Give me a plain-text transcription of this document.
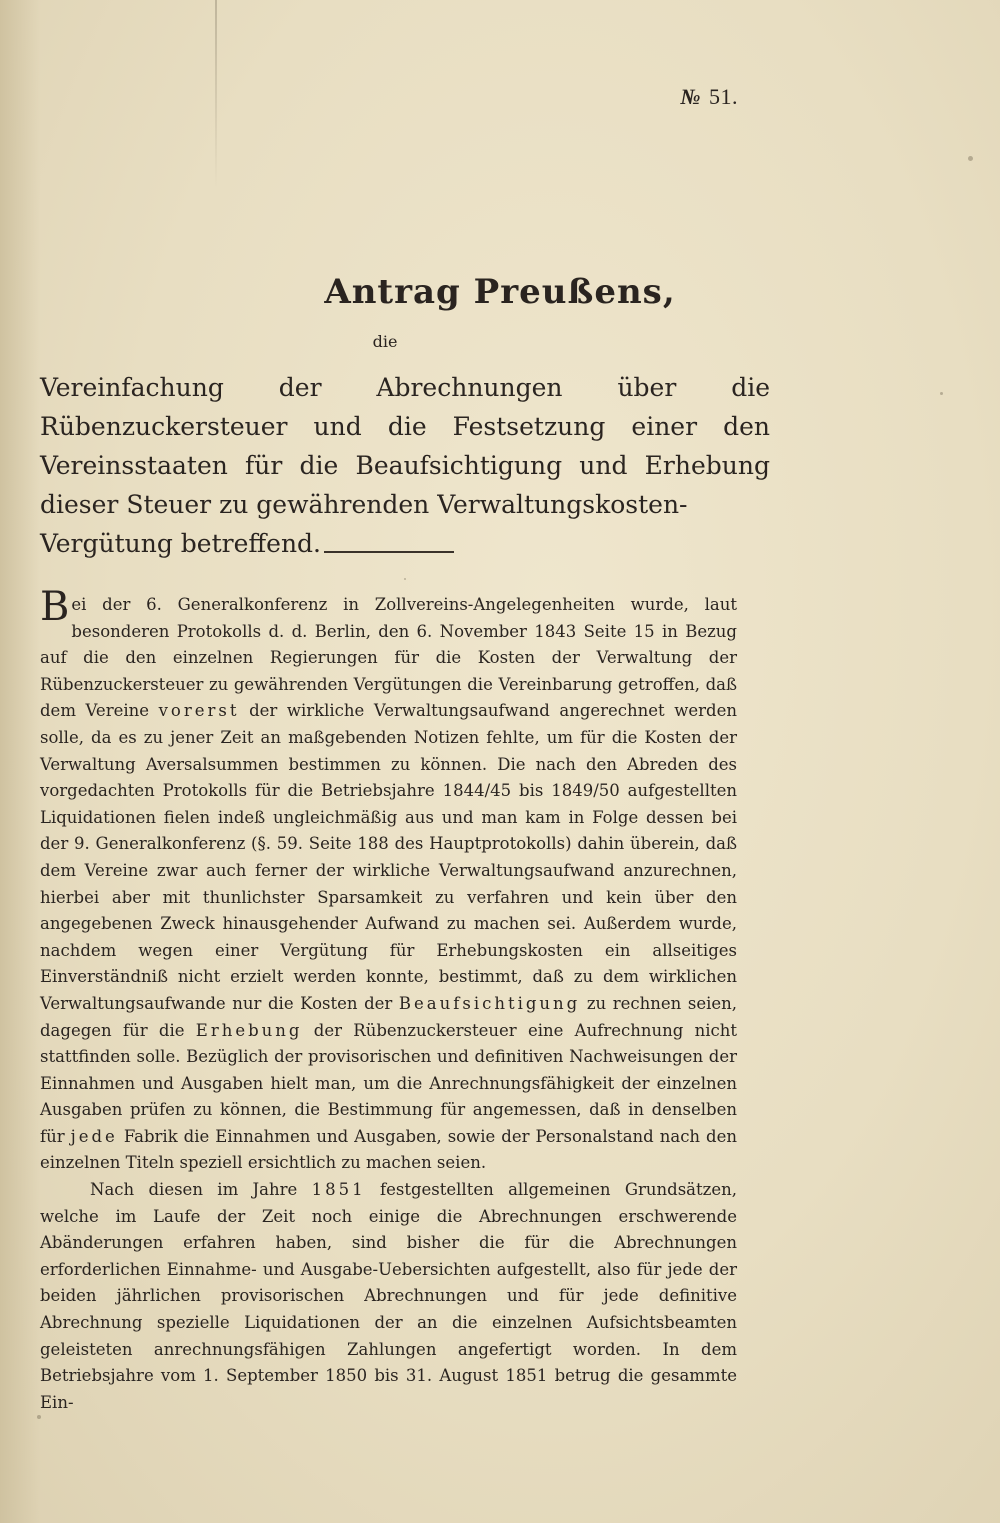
№ 51.
Antrag Preußens,
die
Vereinfachung der Abrechnungen über die Rübenzuckersteuer und die Festsetzung einer den Vereinsstaaten für die Beaufsichtigung und Erhebung dieser Steuer zu gewährenden Verwaltungskosten-
Vergütung betreffend.

Bei der 6. Generalkonferenz in Zollvereins-Angelegenheiten wurde, laut besonderen Protokolls d. d. Berlin, den 6. November 1843 Seite 15 in Bezug auf die den einzelnen Regierungen für die Kosten der Verwaltung der Rübenzuckersteuer zu gewährenden Vergütungen die Vereinbarung getroffen, daß dem Vereine vorerst der wirkliche Verwaltungsaufwand angerechnet werden solle, da es zu jener Zeit an maßgebenden Notizen fehlte, um für die Kosten der Verwaltung Aversalsummen bestimmen zu können. Die nach den Abreden des vorgedachten Protokolls für die Betriebsjahre 1844/45 bis 1849/50 aufgestellten Liquidationen fielen indeß ungleichmäßig aus und man kam in Folge dessen bei der 9. Generalkonferenz (§. 59. Seite 188 des Hauptprotokolls) dahin überein, daß dem Vereine zwar auch ferner der wirkliche Verwaltungsaufwand anzurechnen, hierbei aber mit thunlichster Sparsamkeit zu verfahren und kein über den angegebenen Zweck hinausgehender Aufwand zu machen sei. Außerdem wurde, nachdem wegen einer Vergütung für Erhebungskosten ein allseitiges Einverständniß nicht erzielt werden konnte, bestimmt, daß zu dem wirklichen Verwaltungsaufwande nur die Kosten der Beaufsichtigung zu rechnen seien, dagegen für die Erhebung der Rübenzuckersteuer eine Aufrechnung nicht stattfinden solle. Bezüglich der provisorischen und definitiven Nachweisungen der Einnahmen und Ausgaben hielt man, um die Anrechnungsfähigkeit der einzelnen Ausgaben prüfen zu können, die Bestimmung für angemessen, daß in denselben für jede Fabrik die Einnahmen und Ausgaben, sowie der Personalstand nach den einzelnen Titeln speziell ersichtlich zu machen seien.

Nach diesen im Jahre 1851 festgestellten allgemeinen Grundsätzen, welche im Laufe der Zeit noch einige die Abrechnungen erschwerende Abänderungen erfahren haben, sind bisher die für die Abrechnungen erforderlichen Einnahme- und Ausgabe-Uebersichten aufgestellt, also für jede der beiden jährlichen provisorischen Abrechnungen und für jede definitive Abrechnung spezielle Liquidationen der an die einzelnen Aufsichtsbeamten geleisteten anrechnungsfähigen Zahlungen angefertigt worden. In dem Betriebsjahre vom 1. September 1850 bis 31. August 1851 betrug die gesammte Ein-
